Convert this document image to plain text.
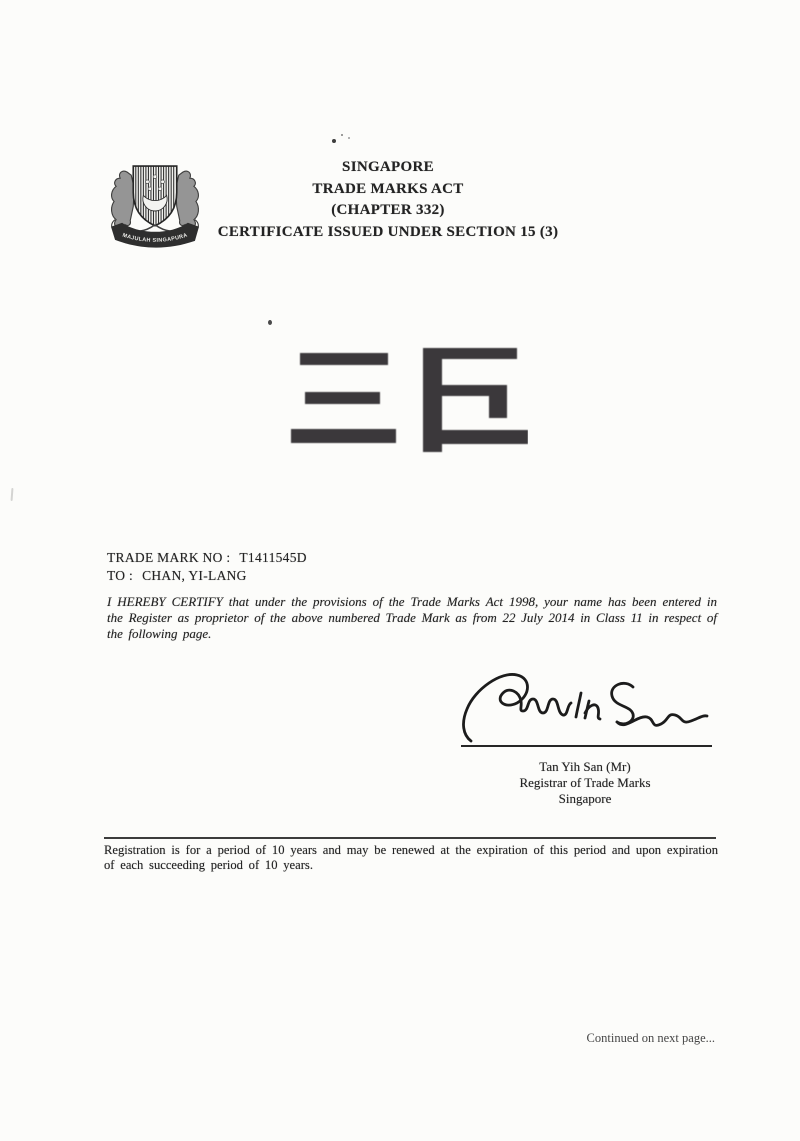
MAJULAH SINGAPURA
SINGAPORE
TRADE MARKS ACT
(CHAPTER 332)
CERTIFICATE ISSUED UNDER SECTION 15 (3)
TRADE MARK NO : T1411545D
TO : CHAN, YI-LANG

I HEREBY CERTIFY that under the provisions of the Trade Marks Act 1998, your name has been entered in the Register as proprietor of the above numbered Trade Mark as from 22 July 2014 in Class 11 in respect of the following page.

Tan Yih San (Mr)
Registrar of Trade Marks
Singapore

Registration is for a period of 10 years and may be renewed at the expiration of this period and upon expiration of each succeeding period of 10 years.

Continued on next page...
